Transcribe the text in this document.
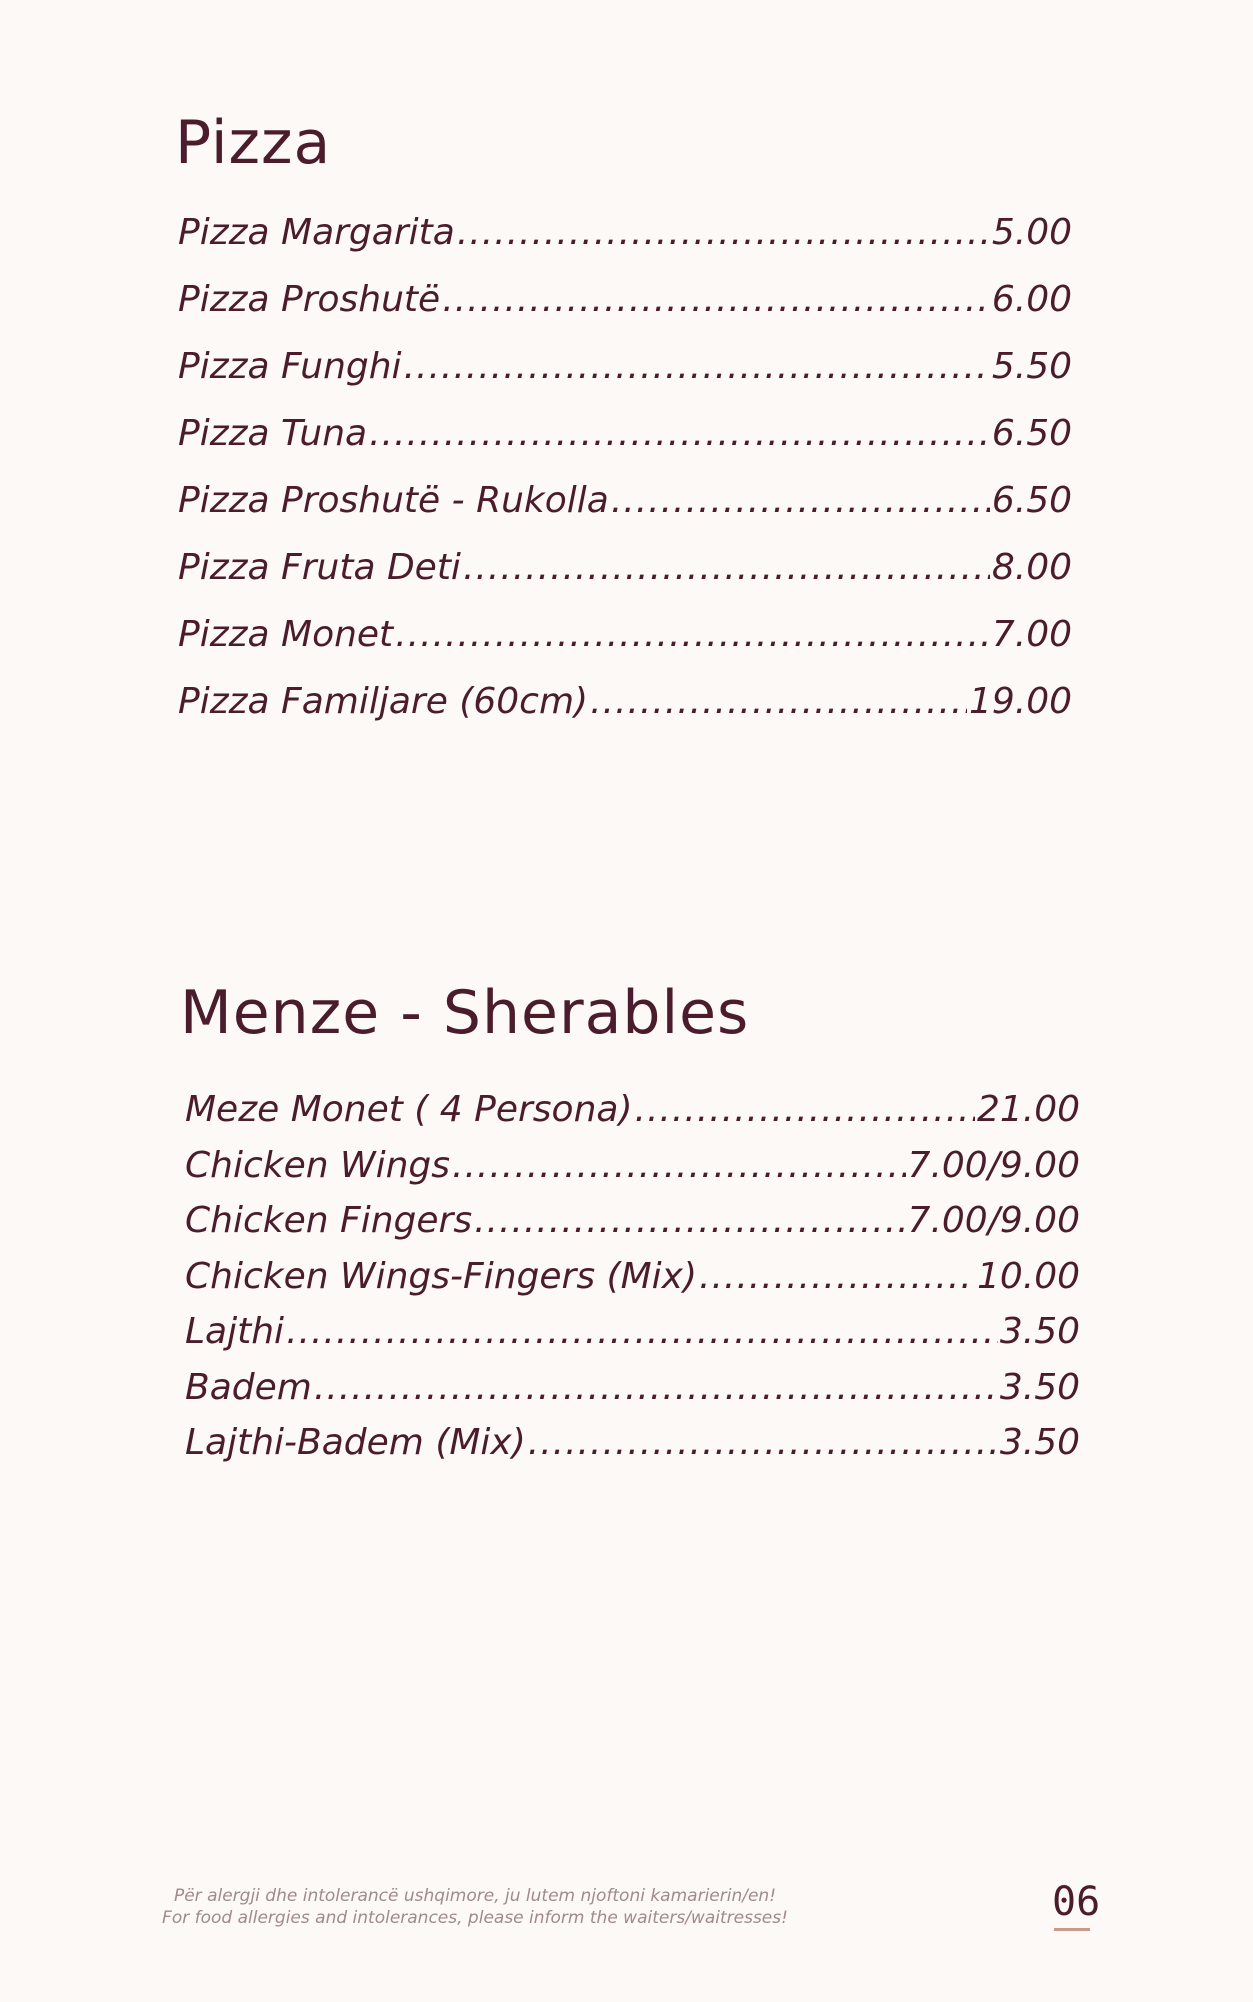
Pizza
Pizza Margarita .....	5.00
Pizza Proshutë .....	6.00
Pizza Funghi .....	5.50
Pizza Tuna .....	6.50
Pizza Proshutë - Rukolla .....	6.50
Pizza Fruta Deti .....	8.00
Pizza Monet .....	7.00
Pizza Familjare (60cm) .....	19.00
Menze - Sherables
Meze Monet ( 4 Persona) .....	21.00
Chicken Wings .....	7.00/9.00
Chicken Fingers .....	7.00/9.00
Chicken Wings-Fingers (Mix) .....	10.00
Lajthi .....	3.50
Badem .....	3.50
Lajthi-Badem (Mix) .....	3.50
Për alergji dhe intolerancë ushqimore, ju lutem njoftoni kamarierin/en!
For food allergies and intolerances, please inform the waiters/waitresses!	06
